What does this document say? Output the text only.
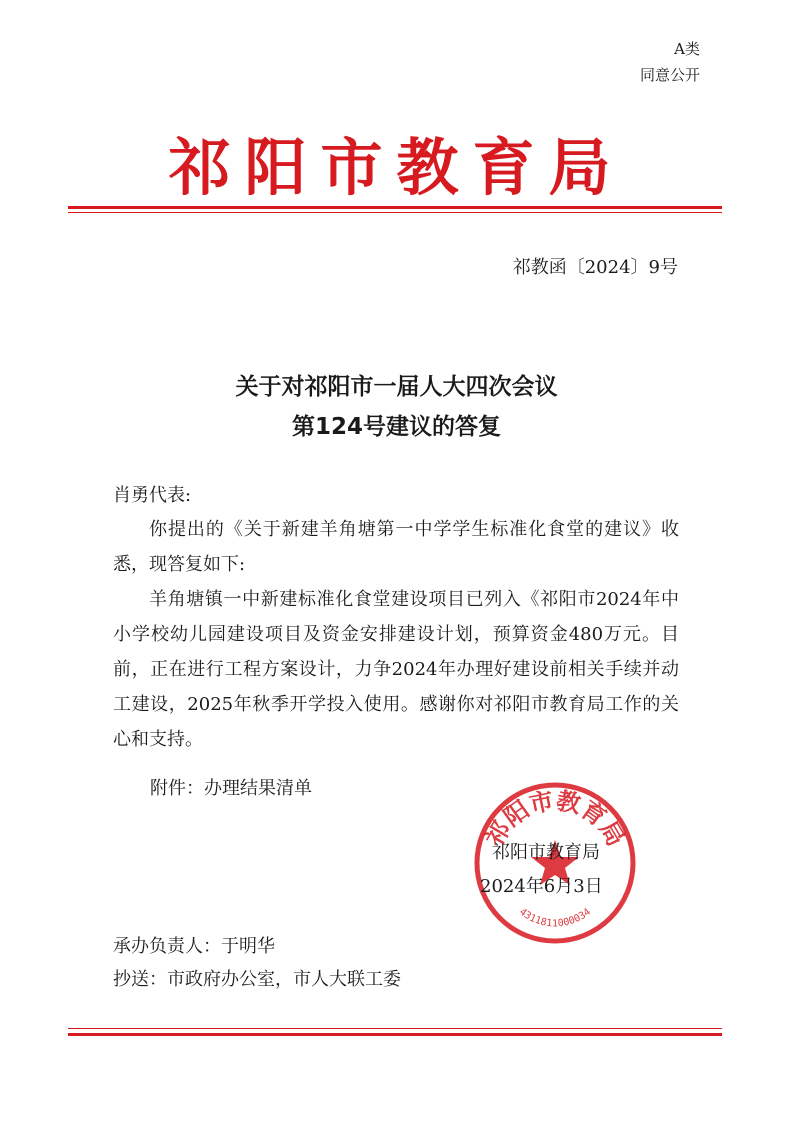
A类
同意公开
祁阳市教育局
祁教函〔2024〕9号
关于对祁阳市一届人大四次会议
第124号建议的答复
肖勇代表:
你提出的《关于新建羊角塘第一中学学生标准化食堂的建议》收悉，现答复如下:
羊角塘镇一中新建标准化食堂建设项目已列入《祁阳市2024年中小学校幼儿园建设项目及资金安排建设计划，预算资金480万元。目前，正在进行工程方案设计，力争2024年办理好建设前相关手续并动工建设，2025年秋季开学投入使用。感谢你对祁阳市教育局工作的关心和支持。
附件：办理结果清单
祁阳市教育局
4311811000034
祁阳市教育局
2024年6月3日
承办负责人：于明华
抄送：市政府办公室，市人大联工委
